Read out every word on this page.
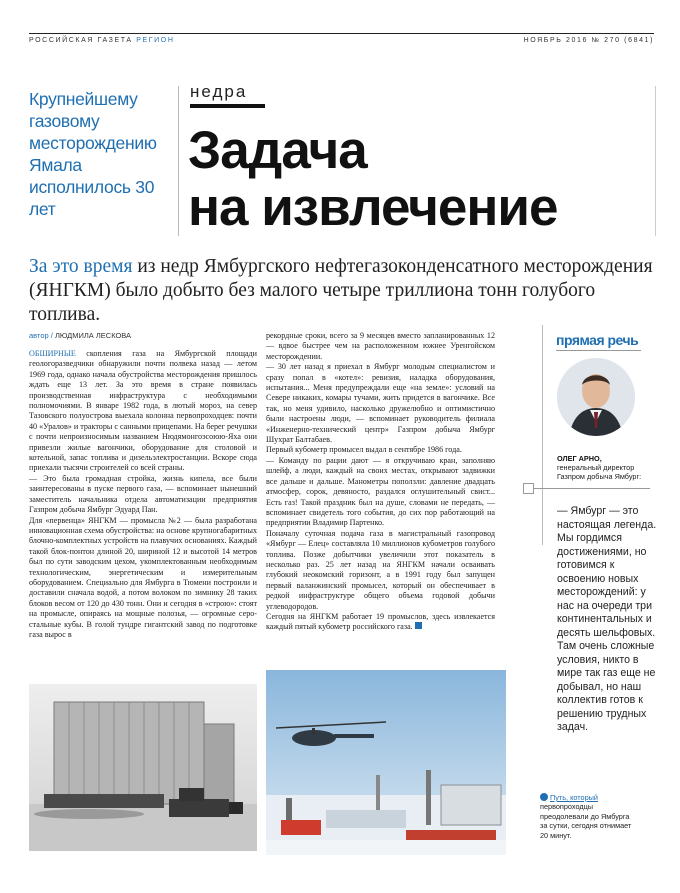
РОССИЙСКАЯ ГАЗЕТА РЕГИОН	НОЯБРЬ 2016 № 270 (6841)
Крупнейшему газовому месторождению Ямала исполнилось 30 лет
недра
Задача
на извлечение
За это время из недр Ямбургского нефтегазоконденсатного месторождения (ЯНГКМ) было добыто без малого четыре триллиона тонн голубого топлива.
автор / ЛЮДМИЛА ЛЕСКОВА

ОБШИРНЫЕ скопления газа на Ямбургской площади геологоразведчики обнаружили почти полвека назад — летом 1969 года, однако начала обустройства месторождения пришлось ждать еще 13 лет. За это время в стране появилась производственная инфраструктура с необходимыми полномочиями. В январе 1982 года, в лютый мороз, на север Тазовского полуострова выехала колонна первопроходцев: почти 40 «Уралов» и тракторы с санными прицепами. На берег речушки с почти непроизносимым названием Нюдямонгоэсоюю-Яха они привезли жилые вагончики, оборудование для столовой и котельной, запас топлива и дизельэлектростанции. Вскоре сюда приехали тысячи строителей со всей страны.

— Это была громадная стройка, жизнь кипела, все были заинтересованы в пуске первого газа, — вспоминает нынешний заместитель начальника отдела автоматизации предприятия Газпром добыча Ямбург Эдуард Пан.

Для «первенца» ЯНГКМ — промысла №2 — была разработана инновационная схема обустройства: на основе крупногабаритных блочно-комплектных устройств на плавучих основаниях. Каждый такой блок-понтон длиной 20, шириной 12 и высотой 14 метров был по сути заводским цехом, укомплектованным необходимым технологическим, энергетическим и измерительным оборудованием. Специально для Ямбурга в Тюмени построили и доставили сначала водой, а потом волоком по зимнику 28 таких блоков весом от 120 до 430 тонн. Они и сегодня в «строю»: стоят на промысле, опираясь на мощные полозья, — огромные серо-стальные кубы. В голой тундре гигантский завод по подготовке газа вырос в

рекордные сроки, всего за 9 месяцев вместо запланированных 12 — вдвое быстрее чем на расположенном южнее Уренгойском месторождении.

— 30 лет назад я приехал в Ямбург молодым специалистом и сразу попал в «котел»: ревизия, наладка оборудования, испытания... Меня предупреждали еще «на земле»: условий на Севере никаких, комары тучами, жить придется в вагончике. Все так, но меня удивило, насколько дружелюбно и оптимистично были настроены люди, — вспоминает руководитель филиала «Инженерно-технический центр» Газпром добыча Ямбург Шухрат Балтабаев.

Первый кубометр промысел выдал в сентябре 1986 года.

— Команду по рации дают — я откручиваю кран, заполняю шлейф, а люди, каждый на своих местах, открывают задвижки все дальше и дальше. Манометры поползли: давление двадцать атмосфер, сорок, девяносто, раздался оглушительный свист... Есть газ! Такой праздник был на душе, словами не передать, — вспоминает свидетель того события, до сих пор работающий на предприятии Владимир Партенко.

Поначалу суточная подача газа в магистральный газопровод «Ямбург — Елец» составляла 10 миллионов кубометров голубого топлива. Позже добытчики увеличили этот показатель в несколько раз. 25 лет назад на ЯНГКМ начали осваивать глубокий неокомский горизонт, а в 1991 году был запущен первый валанжинский промысел, который он обеспечивает в редкой инфраструктуре общего объема годовой добычи углеводородов.

Сегодня на ЯНГКМ работает 19 промыслов, здесь извлекается каждый пятый кубометр российского газа.

прямая речь
ОЛЕГ АРНО,
генеральный директор Газпром добыча Ямбург:
— Ямбург — это настоящая легенда. Мы гордимся достижениями, но готовимся к освоению новых месторождений: у нас на очереди три континентальных и десять шельфовых. Там очень сложные условия, никто в мире так газ еще не добывал, но наш коллектив готов к решению трудных задач.
Путь, который первопроходцы преодолевали до Ямбурга за сутки, сегодня отнимает 20 минут.
